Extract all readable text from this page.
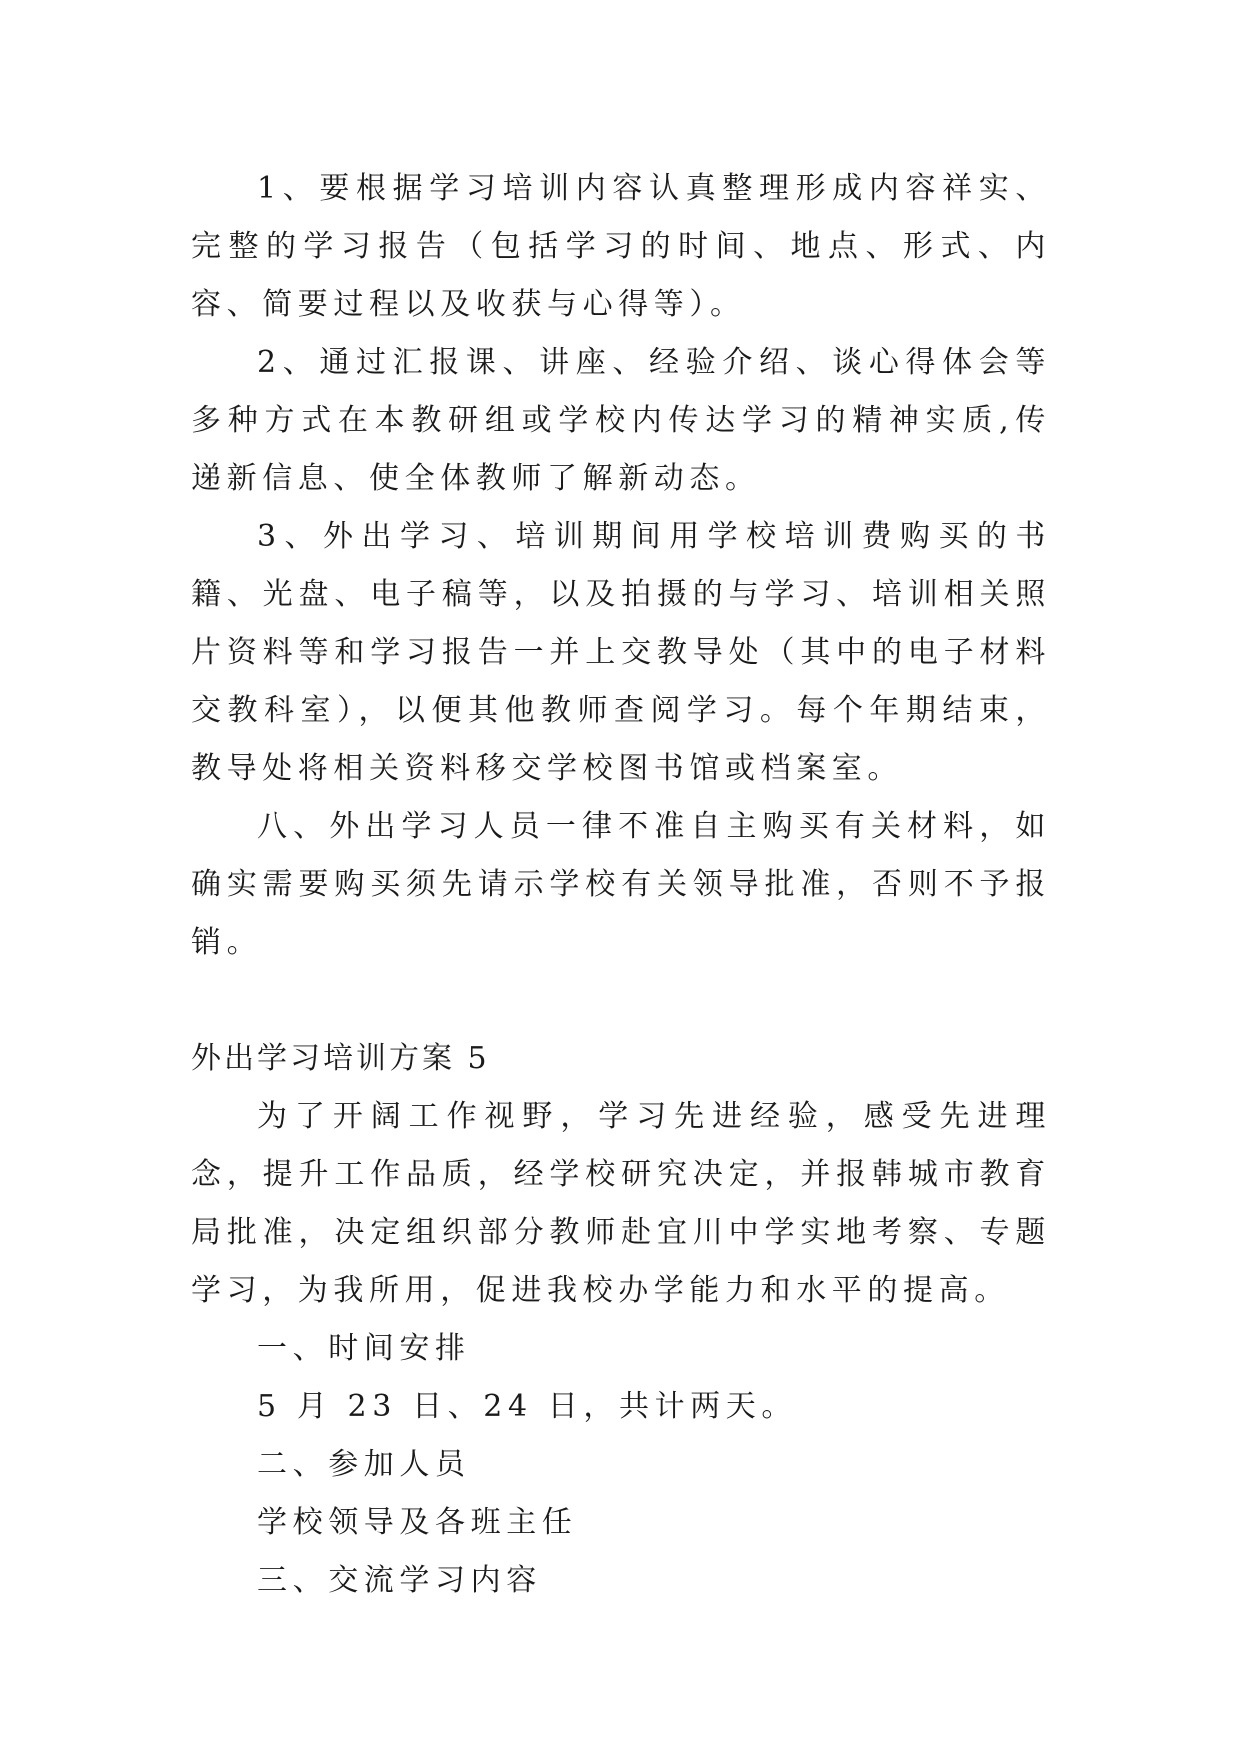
1、要根据学习培训内容认真整理形成内容祥实、完整的学习报告（包括学习的时间、地点、形式、内容、简要过程以及收获与心得等）。

2、通过汇报课、讲座、经验介绍、谈心得体会等多种方式在本教研组或学校内传达学习的精神实质,传递新信息、使全体教师了解新动态。

3、外出学习、培训期间用学校培训费购买的书籍、光盘、电子稿等，以及拍摄的与学习、培训相关照片资料等和学习报告一并上交教导处（其中的电子材料交教科室），以便其他教师查阅学习。每个年期结束，教导处将相关资料移交学校图书馆或档案室。

八、外出学习人员一律不准自主购买有关材料，如确实需要购买须先请示学校有关领导批准，否则不予报销。

外出学习培训方案 5

为了开阔工作视野，学习先进经验，感受先进理念，提升工作品质，经学校研究决定，并报韩城市教育局批准，决定组织部分教师赴宜川中学实地考察、专题学习，为我所用，促进我校办学能力和水平的提高。

一、时间安排

5 月 23 日、24 日，共计两天。

二、参加人员

学校领导及各班主任

三、交流学习内容
